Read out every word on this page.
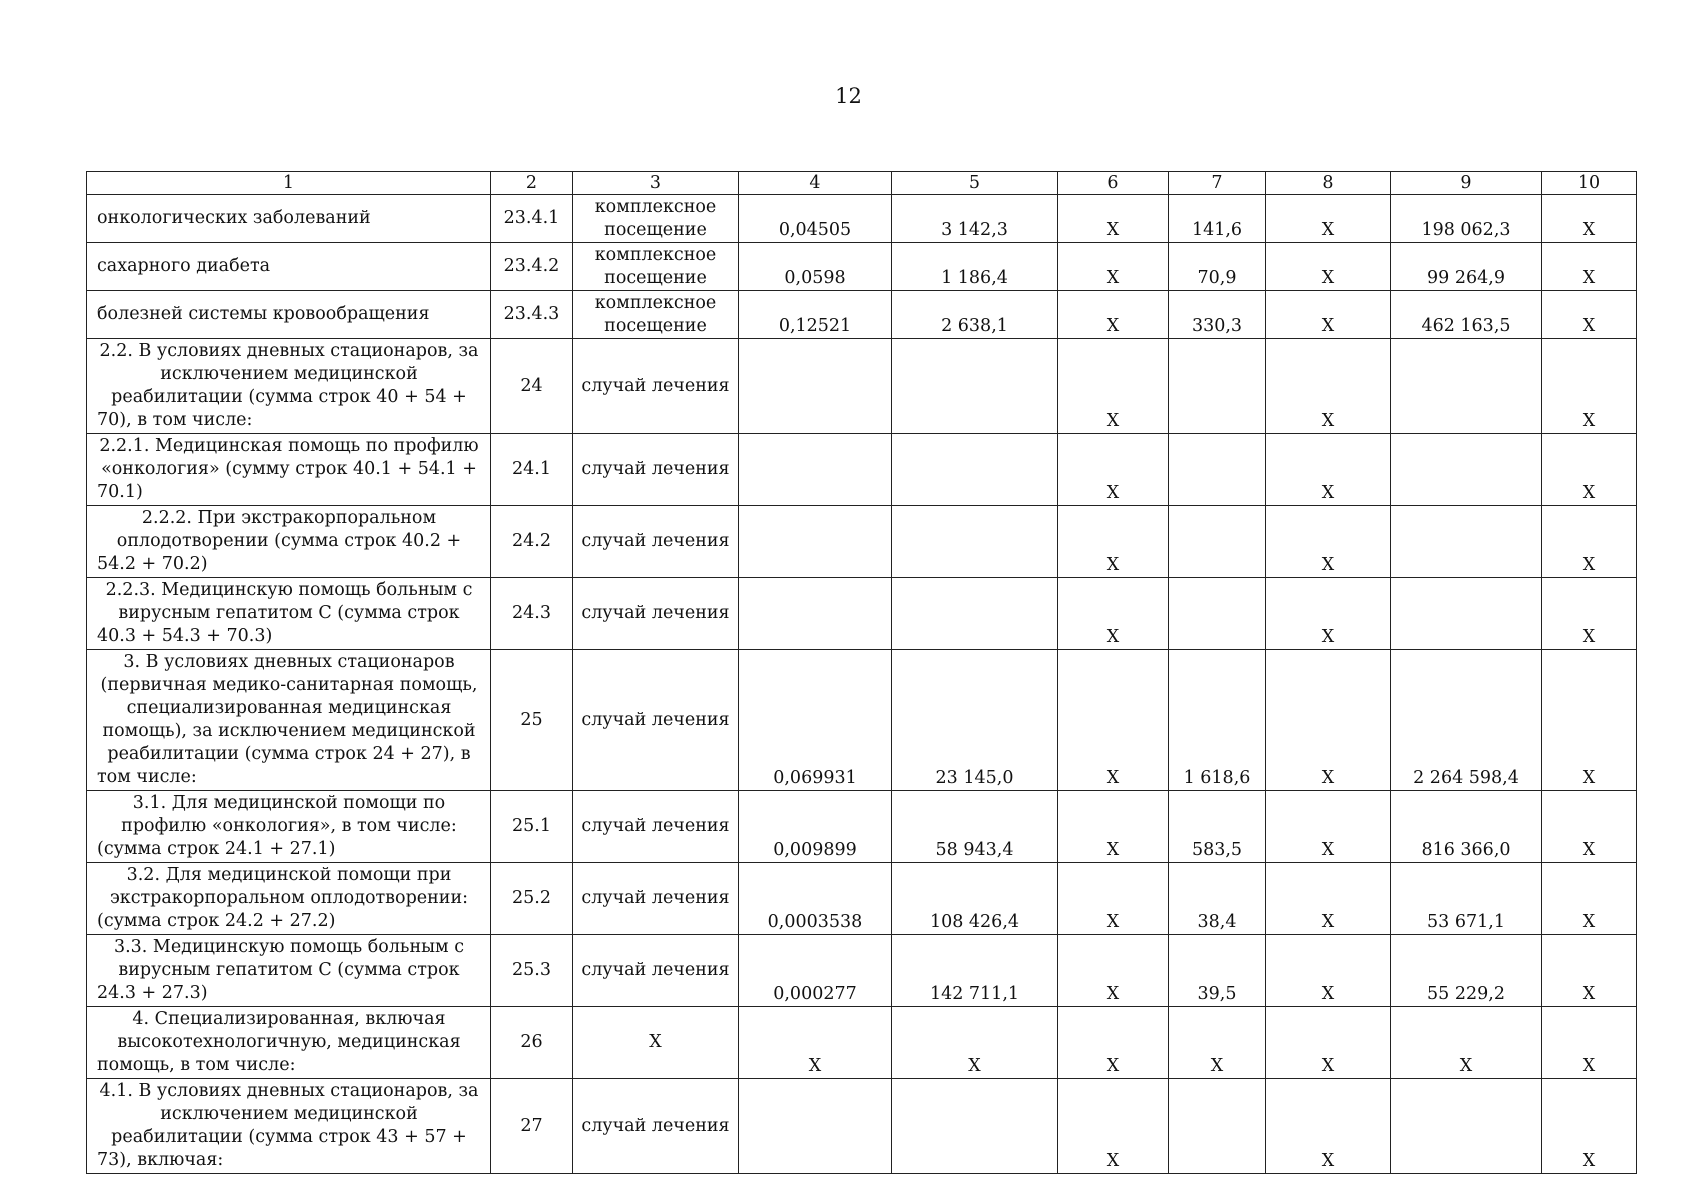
12
1	2	3	4	5	6	7	8	9	10
онкологических заболеваний	23.4.1	комплексное посещение	0,04505	3 142,3	X	141,6	X	198 062,3	X
сахарного диабета	23.4.2	комплексное посещение	0,0598	1 186,4	X	70,9	X	99 264,9	X
болезней системы кровообращения	23.4.3	комплексное посещение	0,12521	2 638,1	X	330,3	X	462 163,5	X
2.2. В условиях дневных стационаров, за исключением медицинской реабилитации (сумма строк 40 + 54 + 70), в том числе:	24	случай лечения			X		X		X
2.2.1. Медицинская помощь по профилю «онкология» (сумму строк 40.1 + 54.1 + 70.1)	24.1	случай лечения			X		X		X
2.2.2. При экстракорпоральном оплодотворении (сумма строк 40.2 + 54.2 + 70.2)	24.2	случай лечения			X		X		X
2.2.3. Медицинскую помощь больным с вирусным гепатитом С (сумма строк 40.3 + 54.3 + 70.3)	24.3	случай лечения			X		X		X
3. В условиях дневных стационаров (первичная медико-санитарная помощь, специализированная медицинская помощь), за исключением медицинской реабилитации (сумма строк 24 + 27), в том числе:	25	случай лечения	0,069931	23 145,0	X	1 618,6	X	2 264 598,4	X
3.1. Для медицинской помощи по профилю «онкология», в том числе: (сумма строк 24.1 + 27.1)	25.1	случай лечения	0,009899	58 943,4	X	583,5	X	816 366,0	X
3.2. Для медицинской помощи при экстракорпоральном оплодотворении: (сумма строк 24.2 + 27.2)	25.2	случай лечения	0,0003538	108 426,4	X	38,4	X	53 671,1	X
3.3. Медицинскую помощь больным с вирусным гепатитом С (сумма строк 24.3 + 27.3)	25.3	случай лечения	0,000277	142 711,1	X	39,5	X	55 229,2	X
4. Специализированная, включая высокотехнологичную, медицинская помощь, в том числе:	26	X	X	X	X	X	X	X	X
4.1. В условиях дневных стационаров, за исключением медицинской реабилитации (сумма строк 43 + 57 + 73), включая:	27	случай лечения			X		X		X
